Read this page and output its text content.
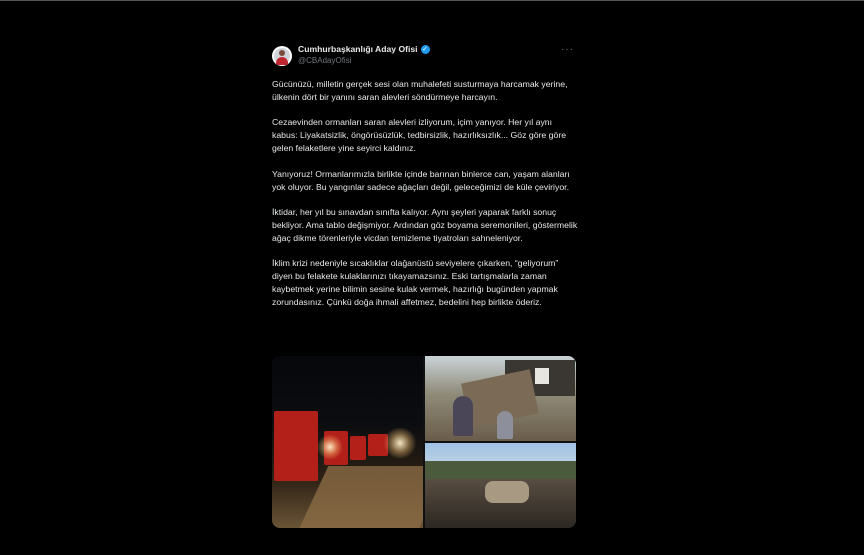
Cumhurbaşkanlığı Aday Ofisi ✓
@CBAdayOfisi
···

Gücünüzü, milletin gerçek sesi olan muhalefeti susturmaya harcamak yerine, ülkenin dört bir yanını saran alevleri söndürmeye harcayın.

Cezaevinden ormanları saran alevleri izliyorum, içim yanıyor. Her yıl aynı kabus: Liyakatsizlik, öngörüsüzlük, tedbirsizlik, hazırlıksızlık... Göz göre göre gelen felaketlere yine seyirci kaldınız.

Yanıyoruz! Ormanlarımızla birlikte içinde barınan binlerce can, yaşam alanları yok oluyor. Bu yangınlar sadece ağaçları değil, geleceğimizi de küle çeviriyor.

İktidar, her yıl bu sınavdan sınıfta kalıyor. Aynı şeyleri yaparak farklı sonuç bekliyor. Ama tablo değişmiyor. Ardından göz boyama seremonileri, göstermelik ağaç dikme törenleriyle vicdan temizleme tiyatroları sahneleniyor.

İklim krizi nedeniyle sıcaklıklar olağanüstü seviyelere çıkarken, “geliyorum” diyen bu felakete kulaklarınızı tıkayamazsınız. Eski tartışmalarla zaman kaybetmek yerine bilimin sesine kulak vermek, hazırlığı bugünden yapmak zorundasınız. Çünkü doğa ihmali affetmez, bedelini hep birlikte öderiz.
